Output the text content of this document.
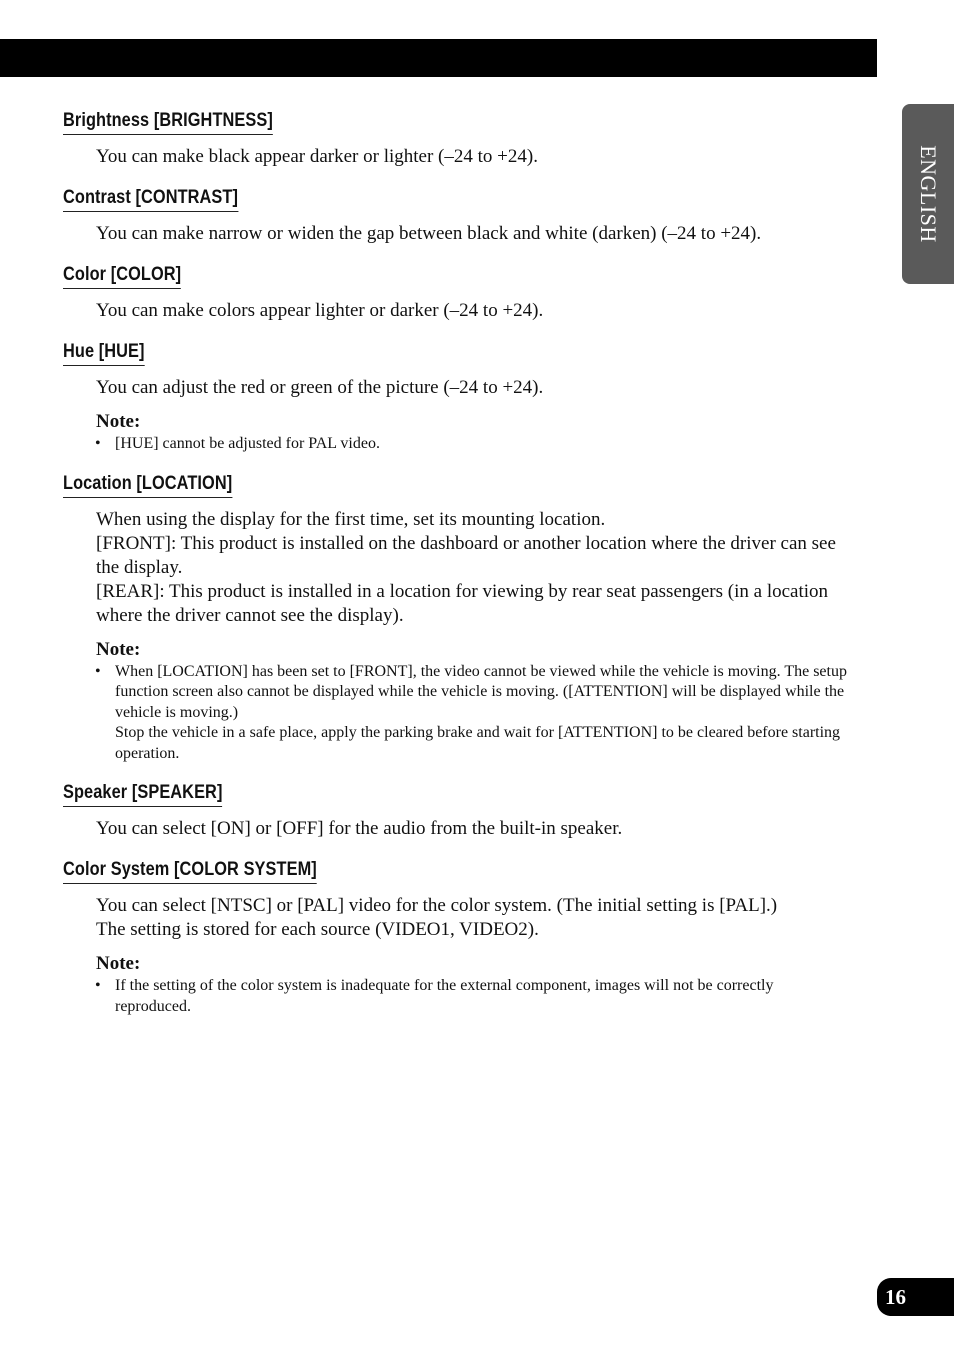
ENGLISH
Brightness [BRIGHTNESS]

You can make black appear darker or lighter (–24 to +24).

Contrast [CONTRAST]

You can make narrow or widen the gap between black and white (darken) (–24 to +24).

Color [COLOR]

You can make colors appear lighter or darker (–24 to +24).

Hue [HUE]

You can adjust the red or green of the picture (–24 to +24).

Note:

• [HUE] cannot be adjusted for PAL video.

Location [LOCATION]

When using the display for the first time, set its mounting location.

[FRONT]: This product is installed on the dashboard or another location where the driver can see the display.

[REAR]: This product is installed in a location for viewing by rear seat passengers (in a location where the driver cannot see the display).

Note:

• When [LOCATION] has been set to [FRONT], the video cannot be viewed while the vehicle is moving. The setup function screen also cannot be displayed while the vehicle is moving. ([ATTENTION] will be displayed while the vehicle is moving.)

Stop the vehicle in a safe place, apply the parking brake and wait for [ATTENTION] to be cleared before starting operation.

Speaker [SPEAKER]

You can select [ON] or [OFF] for the audio from the built-in speaker.

Color System [COLOR SYSTEM]

You can select [NTSC] or [PAL] video for the color system. (The initial setting is [PAL].)

The setting is stored for each source (VIDEO1, VIDEO2).

Note:

• If the setting of the color system is inadequate for the external component, images will not be correctly reproduced.

16
